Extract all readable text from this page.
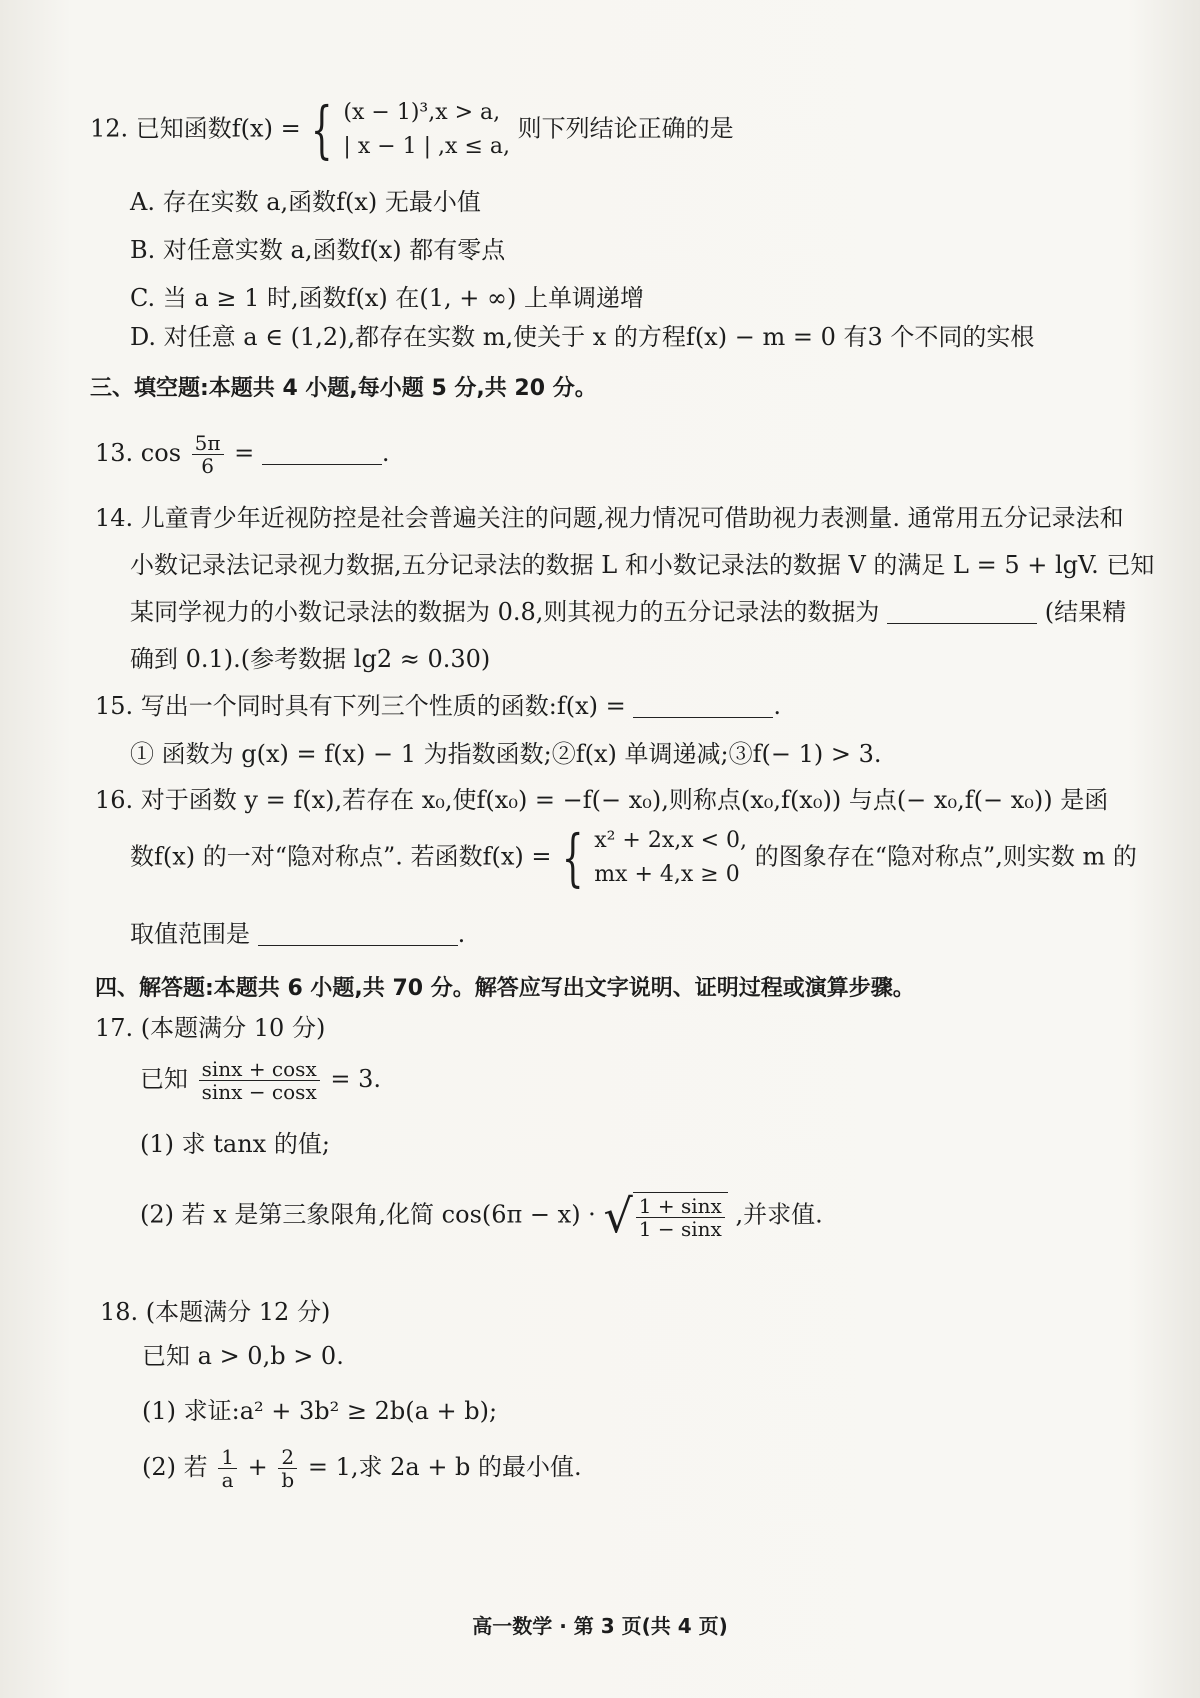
12. 已知函数f(x) = { (x − 1)³,x > a,
| x − 1 | ,x ≤ a, 则下列结论正确的是
A. 存在实数 a,函数f(x) 无最小值
B. 对任意实数 a,函数f(x) 都有零点
C. 当 a ≥ 1 时,函数f(x) 在(1, + ∞) 上单调递增
D. 对任意 a ∈ (1,2),都存在实数 m,使关于 x 的方程f(x) − m = 0 有3 个不同的实根
三、填空题:本题共 4 小题,每小题 5 分,共 20 分。
13. $\cos \frac{5\pi}{6}$ =	.
14. 儿童青少年近视防控是社会普遍关注的问题,视力情况可借助视力表测量. 通常用五分记录法和
小数记录法记录视力数据,五分记录法的数据 L 和小数记录法的数据 V 的满足 L = 5 + lgV. 已知
某同学视力的小数记录法的数据为 0.8,则其视力的五分记录法的数据为	(结果精
确到 0.1).(参考数据 lg2 ≈ 0.30)
15. 写出一个同时具有下列三个性质的函数:f(x) =	.
① 函数为 g(x) = f(x) − 1 为指数函数;②f(x) 单调递减;③f(− 1) > 3.
16. 对于函数 y = f(x),若存在 x₀,使f(x₀) = −f(− x₀),则称点(x₀,f(x₀)) 与点(− x₀,f(− x₀)) 是函
数f(x) 的一对“隐对称点”. 若函数f(x) = { x² + 2x,x < 0,
mx + 4,x ≥ 0 的图象存在“隐对称点”,则实数 m 的
取值范围是	.
四、解答题:本题共 6 小题,共 70 分。解答应写出文字说明、证明过程或演算步骤。
17. (本题满分 10 分)
已知 $\frac{\sin x + \cos x}{\sin x - \cos x} = 3$.
(1) 求 tanx 的值;
(2) 若 x 是第三象限角,化简 cos(6π − x) · √ $\frac{1 + \sin x}{1 - \sin x}$ ,并求值.
18. (本题满分 12 分)
已知 a > 0,b > 0.
(1) 求证:a² + 3b² ≥ 2b(a + b);
(2) 若 $\frac{1}{a} + \frac{2}{b} = 1$,求 2a + b 的最小值.
高一数学 · 第 3 页(共 4 页)
